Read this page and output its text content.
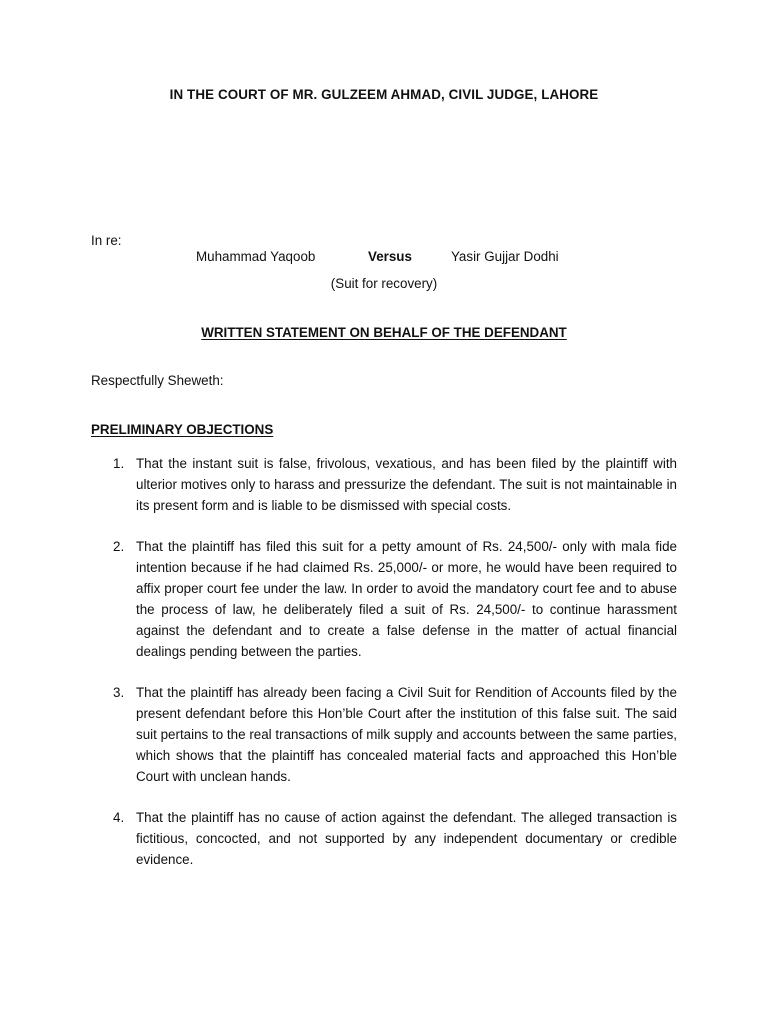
IN THE COURT OF MR. GULZEEM AHMAD, CIVIL JUDGE, LAHORE
In re:
Muhammad Yaqoob	Versus	Yasir Gujjar Dodhi
(Suit for recovery)
WRITTEN STATEMENT ON BEHALF OF THE DEFENDANT
Respectfully Sheweth:
PRELIMINARY OBJECTIONS
1. That the instant suit is false, frivolous, vexatious, and has been filed by the plaintiff with ulterior motives only to harass and pressurize the defendant. The suit is not maintainable in its present form and is liable to be dismissed with special costs.
2. That the plaintiff has filed this suit for a petty amount of Rs. 24,500/- only with mala fide intention because if he had claimed Rs. 25,000/- or more, he would have been required to affix proper court fee under the law. In order to avoid the mandatory court fee and to abuse the process of law, he deliberately filed a suit of Rs. 24,500/- to continue harassment against the defendant and to create a false defense in the matter of actual financial dealings pending between the parties.
3. That the plaintiff has already been facing a Civil Suit for Rendition of Accounts filed by the present defendant before this Hon’ble Court after the institution of this false suit. The said suit pertains to the real transactions of milk supply and accounts between the same parties, which shows that the plaintiff has concealed material facts and approached this Hon’ble Court with unclean hands.
4. That the plaintiff has no cause of action against the defendant. The alleged transaction is fictitious, concocted, and not supported by any independent documentary or credible evidence.
